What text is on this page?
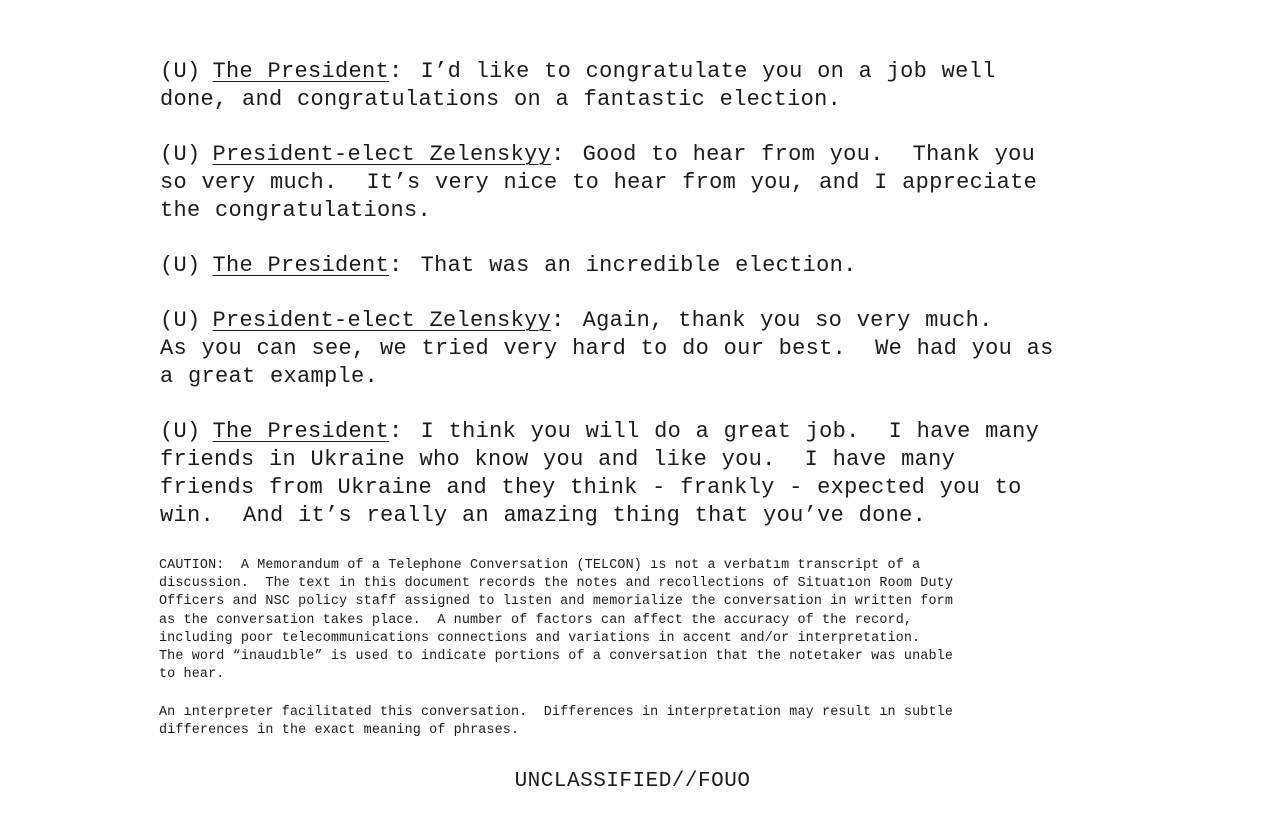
(U) The President: I’d like to congratulate you on a job well
done, and congratulations on a fantastic election.

(U) President-elect Zelenskyy: Good to hear from you.  Thank you
so very much.  It’s very nice to hear from you, and I appreciate
the congratulations.

(U) The President: That was an incredible election.

(U) President-elect Zelenskyy: Again, thank you so very much.
As you can see, we tried very hard to do our best.  We had you as
a great example.

(U) The President: I think you will do a great job.  I have many
friends in Ukraine who know you and like you.  I have many
friends from Ukraine and they think - frankly - expected you to
win.  And it’s really an amazing thing that you’ve done.

CAUTION:  A Memorandum of a Telephone Conversation (TELCON) ıs not a verbatım transcript of a
discussion.  The text in this document records the notes and recollections of Situatıon Room Duty
Officers and NSC policy staff assigned to lısten and memorialize the conversation in written form
as the conversation takes place.  A number of factors can affect the accuracy of the record,
including poor telecommunications connections and variations in accent and/or interpretation.
The word “inaudıble” is used to indicate portions of a conversation that the notetaker was unable
to hear.

An ınterpreter facilitated this conversation.  Differences in interpretation may result ın subtle
differences in the exact meaning of phrases.

UNCLASSIFIED//FOUO
